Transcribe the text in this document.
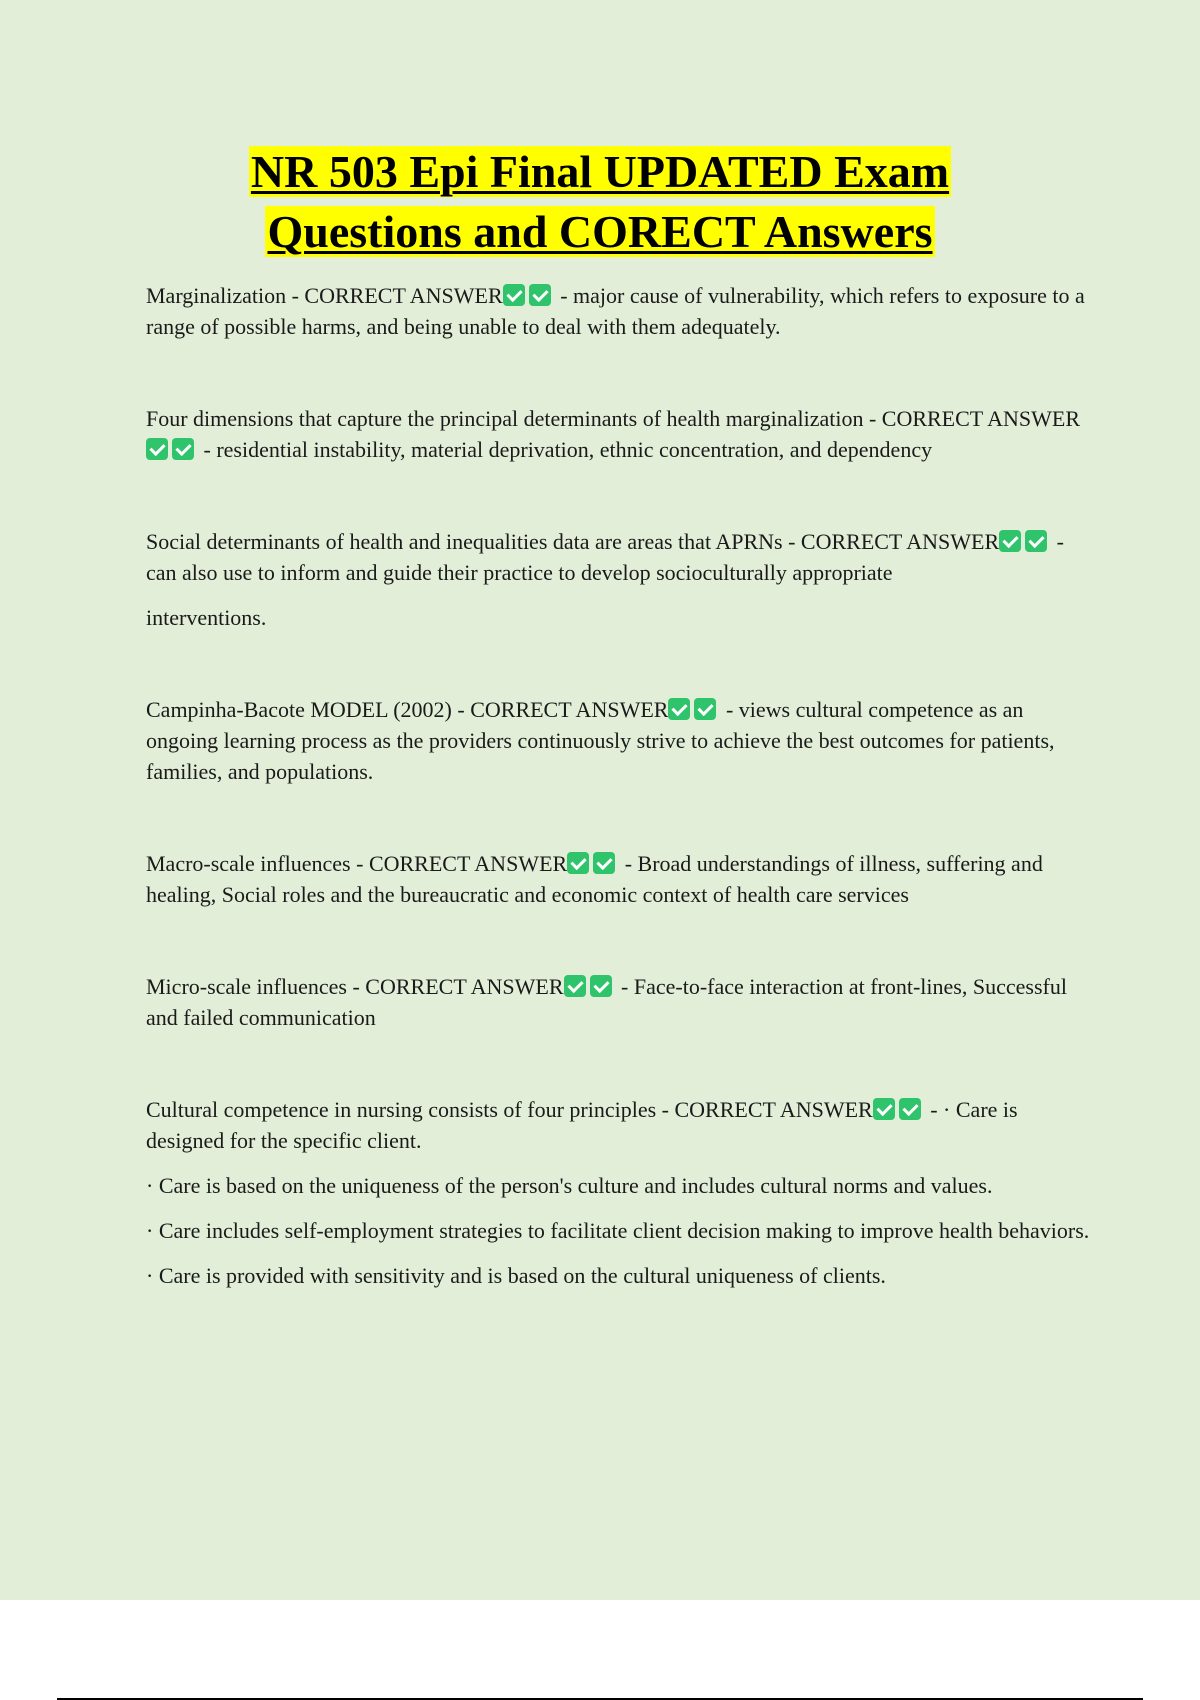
NR 503 Epi Final UPDATED Exam
Questions and CORECT Answers

Marginalization - CORRECT ANSWER - major cause of vulnerability, which refers to exposure to a range of possible harms, and being unable to deal with them adequately.

Four dimensions that capture the principal determinants of health marginalization - CORRECT ANSWER - residential instability, material deprivation, ethnic concentration, and dependency

Social determinants of health and inequalities data are areas that APRNs - CORRECT ANSWER - can also use to inform and guide their practice to develop socioculturally appropriate

interventions.

Campinha-Bacote MODEL (2002) - CORRECT ANSWER - views cultural competence as an ongoing learning process as the providers continuously strive to achieve the best outcomes for patients, families, and populations.

Macro-scale influences - CORRECT ANSWER - Broad understandings of illness, suffering and healing, Social roles and the bureaucratic and economic context of health care services

Micro-scale influences - CORRECT ANSWER - Face-to-face interaction at front-lines, Successful and failed communication

Cultural competence in nursing consists of four principles - CORRECT ANSWER - · Care is designed for the specific client.

· Care is based on the uniqueness of the person's culture and includes cultural norms and values.

· Care includes self-employment strategies to facilitate client decision making to improve health behaviors.

· Care is provided with sensitivity and is based on the cultural uniqueness of clients.
